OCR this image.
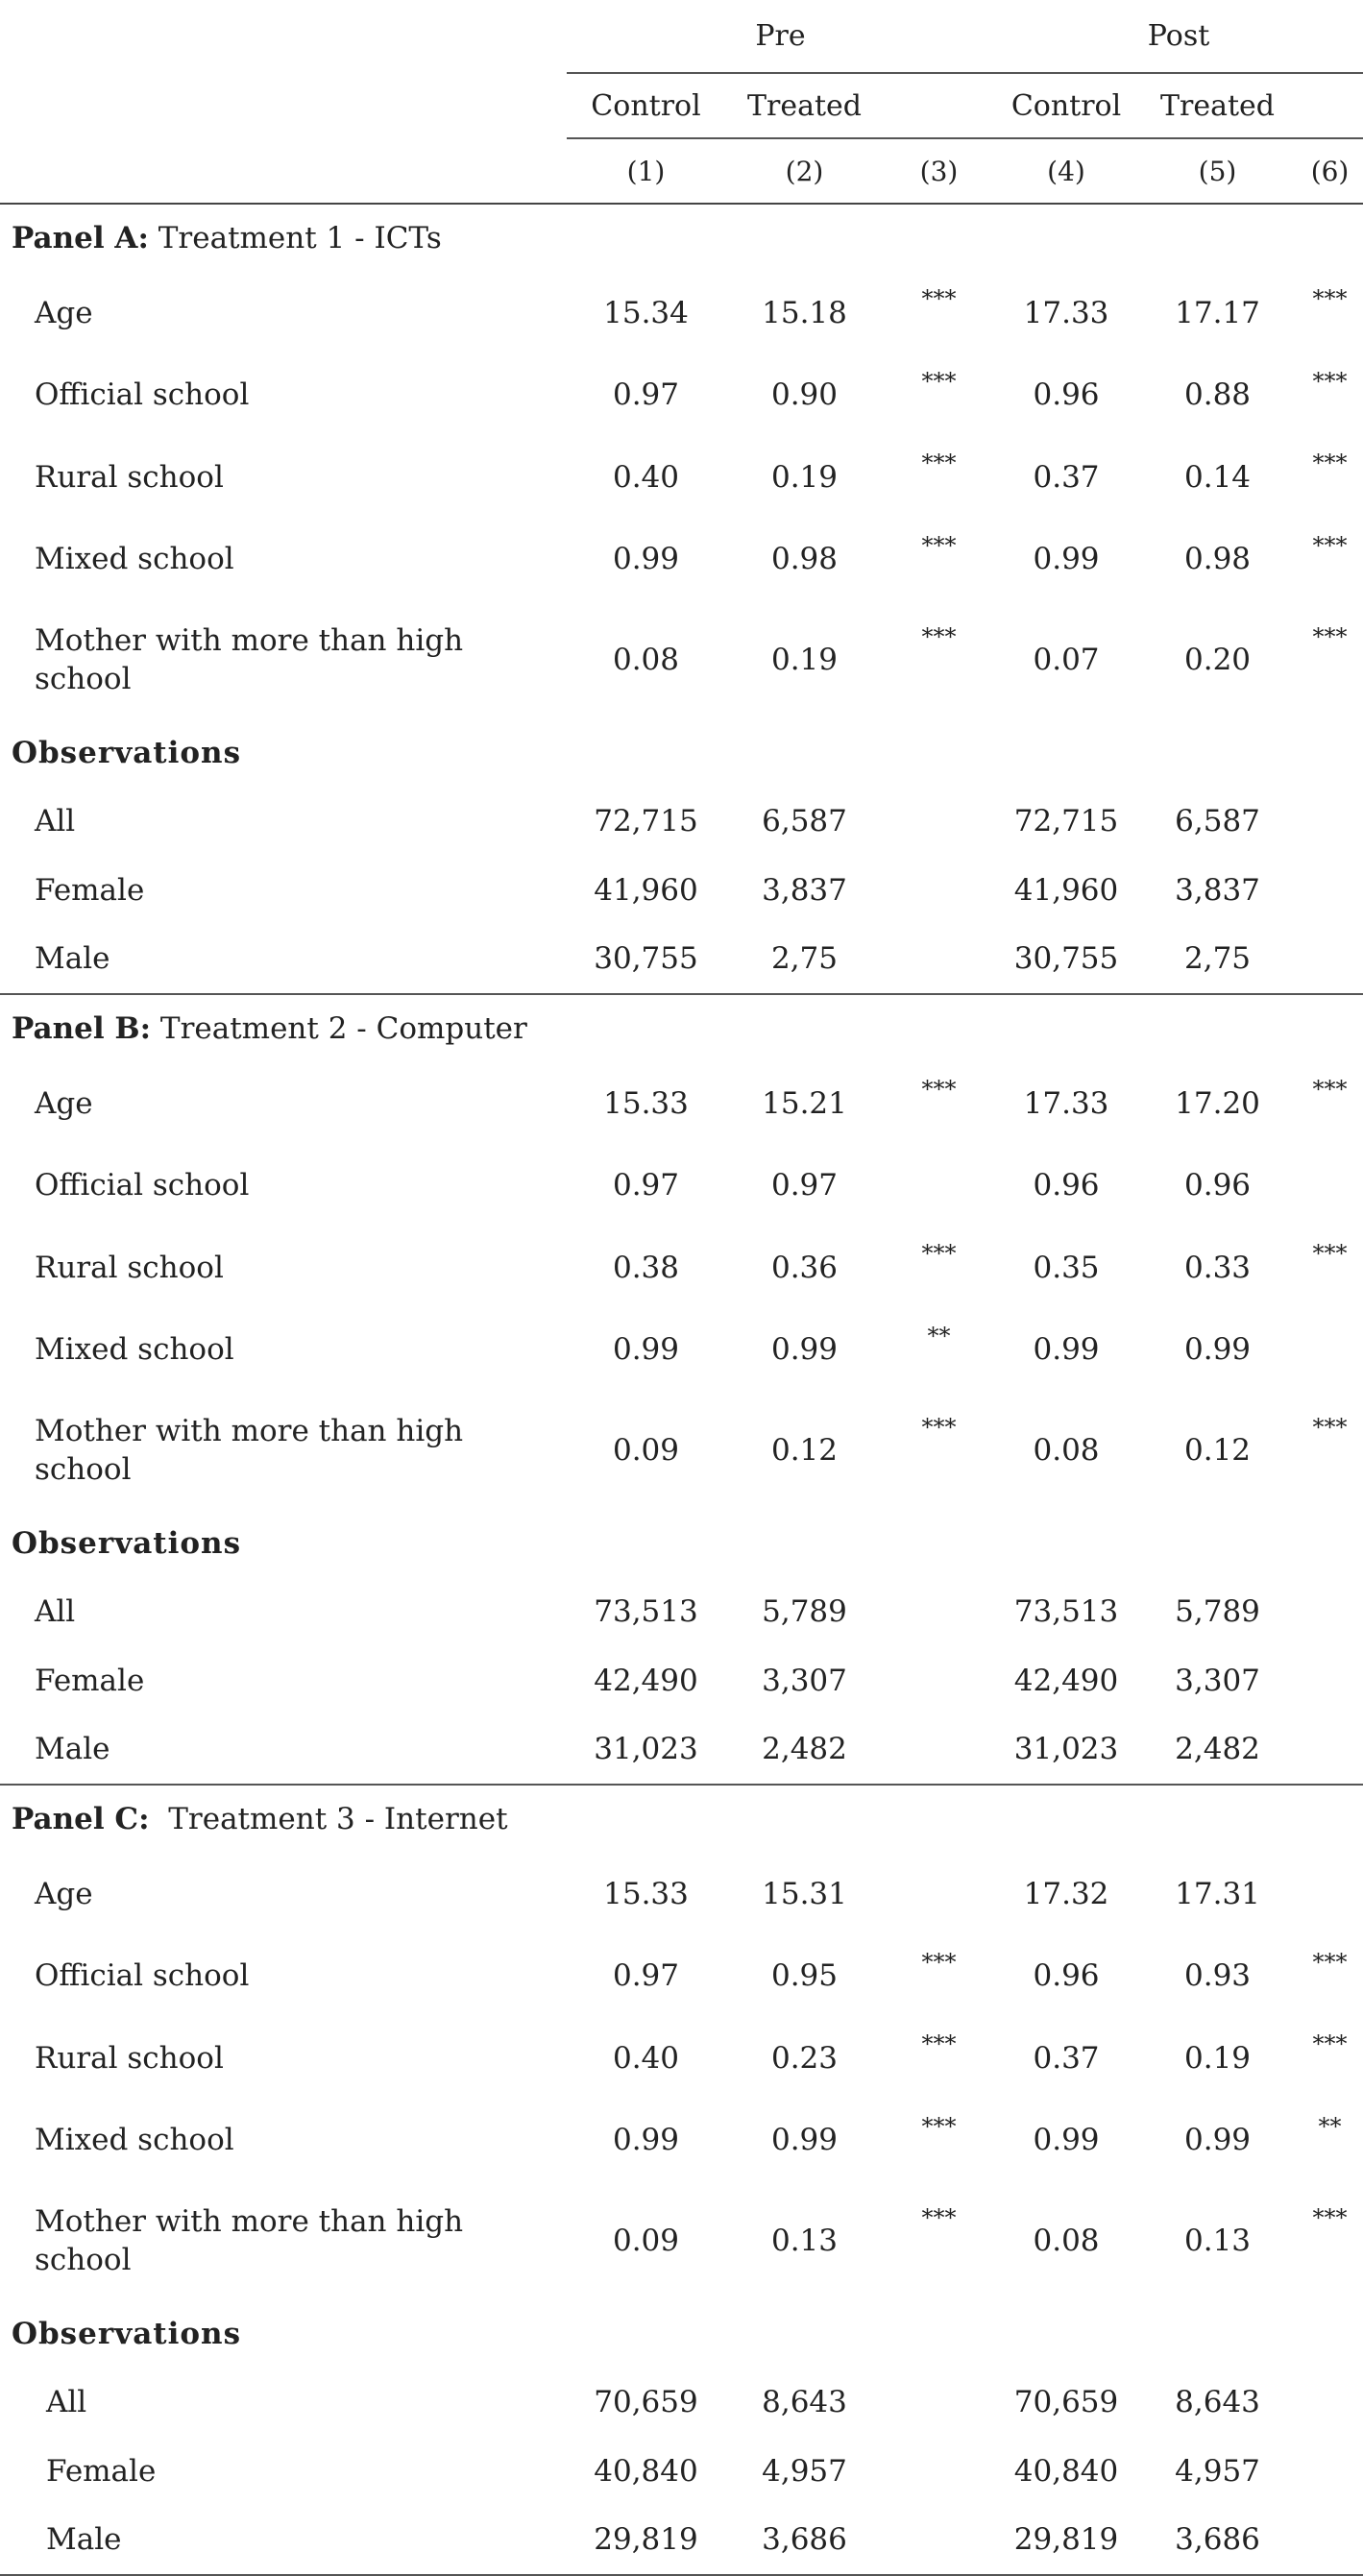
	Pre			Post		
	Control	Treated		Control	Treated	
	(1)	(2)	(3)	(4)	(5)	(6)
Panel A: Treatment 1 - ICTs						
Age	15.34	15.18	***	17.33	17.17	***
Official school	0.97	0.90	***	0.96	0.88	***
Rural school	0.40	0.19	***	0.37	0.14	***
Mixed school	0.99	0.98	***	0.99	0.98	***
Mother with more than high school	0.08	0.19	***	0.07	0.20	***
Observations						
All	72,715	6,587		72,715	6,587	
Female	41,960	3,837		41,960	3,837	
Male	30,755	2,75		30,755	2,75	
Panel B: Treatment 2 - Computer						
Age	15.33	15.21	***	17.33	17.20	***
Official school	0.97	0.97		0.96	0.96	
Rural school	0.38	0.36	***	0.35	0.33	***
Mixed school	0.99	0.99	**	0.99	0.99	
Mother with more than high school	0.09	0.12	***	0.08	0.12	***
Observations						
All	73,513	5,789		73,513	5,789	
Female	42,490	3,307		42,490	3,307	
Male	31,023	2,482		31,023	2,482	
Panel C:  Treatment 3 - Internet						
Age	15.33	15.31		17.32	17.31	
Official school	0.97	0.95	***	0.96	0.93	***
Rural school	0.40	0.23	***	0.37	0.19	***
Mixed school	0.99	0.99	***	0.99	0.99	**
Mother with more than high school	0.09	0.13	***	0.08	0.13	***
Observations						
All	70,659	8,643		70,659	8,643	
Female	40,840	4,957		40,840	4,957	
Male	29,819	3,686		29,819	3,686	
